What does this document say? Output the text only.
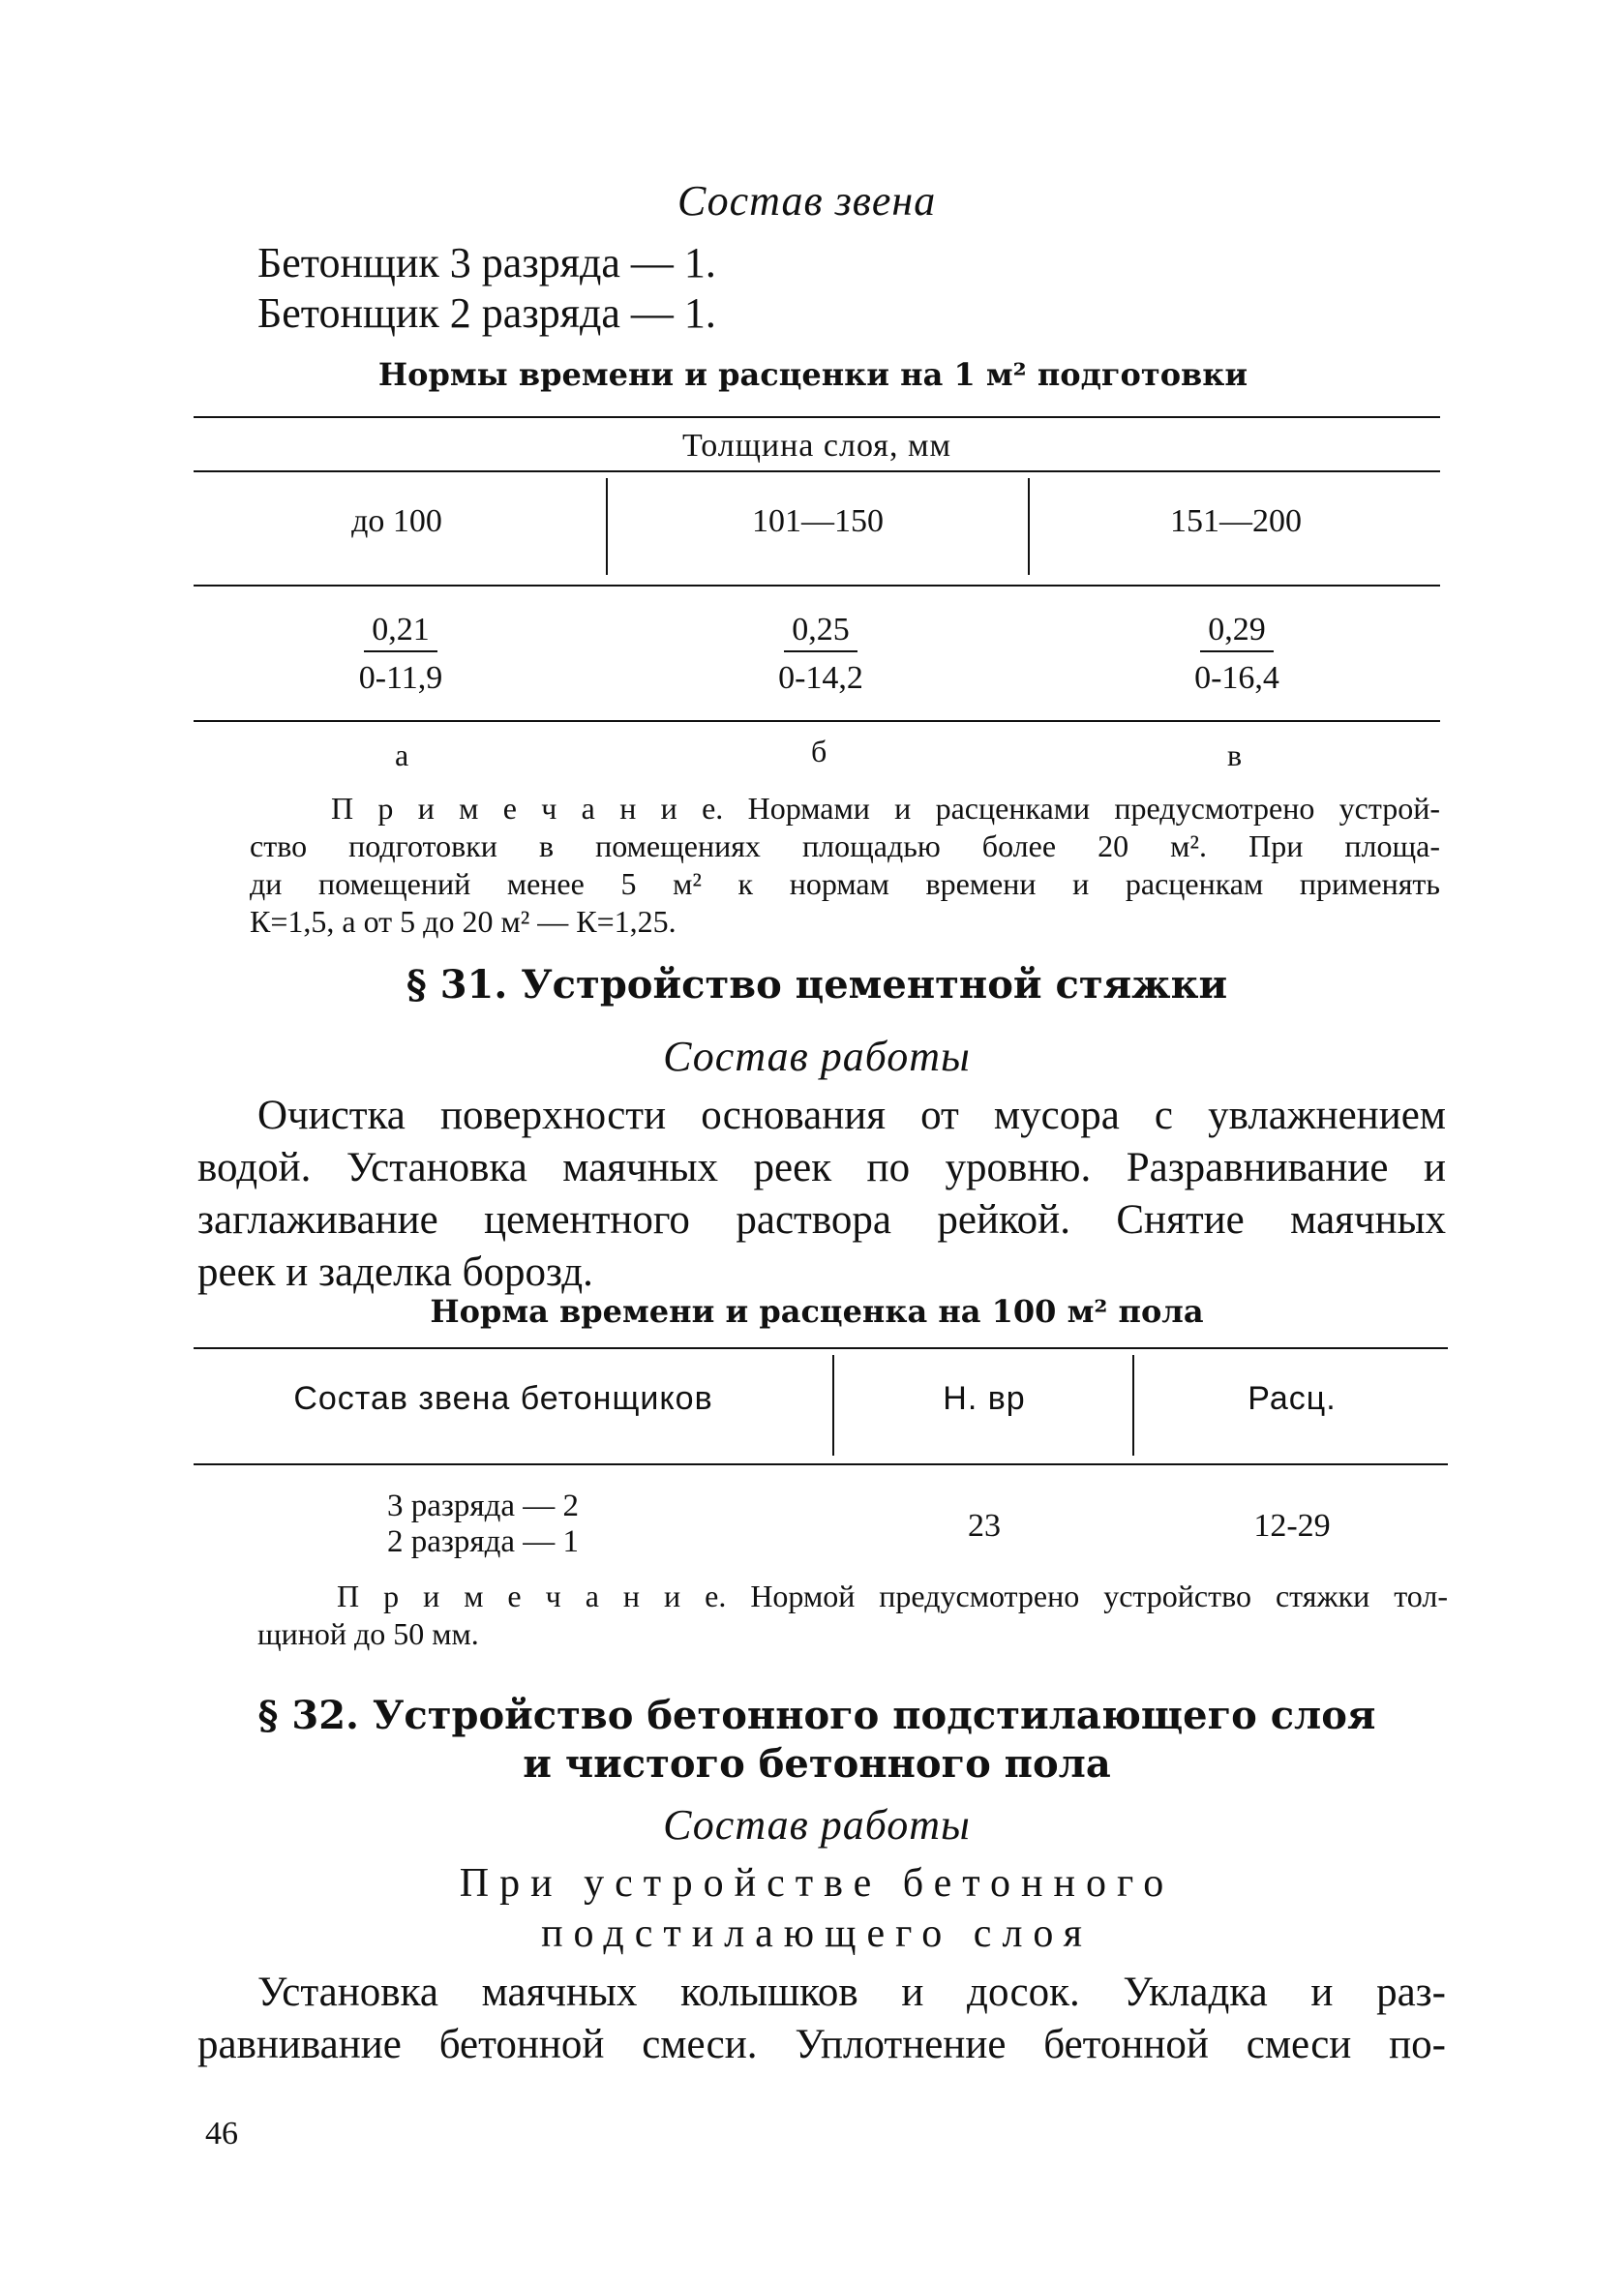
Состав звена
Бетонщик 3 разряда — 1.
Бетонщик 2 разряда — 1.
Нормы времени и расценки на 1 м² подготовки
Толщина слоя, мм
до 100	101—150	151—200
$\frac{0,21}{0-11,9}$	$\frac{0,25}{0-14,2}$	$\frac{0,29}{0-16,4}$
а	б	в
П р и м е ч а н и е. Нормами и расценками предусмотрено устрой-
ство подготовки в помещениях площадью более 20 м². При площа-
ди помещений менее 5 м² к нормам времени и расценкам применять
К=1,5, а от 5 до 20 м² — К=1,25.
§ 31. Устройство цементной стяжки
Состав работы
Очистка поверхности основания от мусора с увлажнением
водой. Установка маячных реек по уровню. Разравнивание и
заглаживание цементного раствора рейкой. Снятие маячных
реек и заделка борозд.
Норма времени и расценка на 100 м² пола
Состав звена бетонщиков	Н. вр	Расц.
3 разряда — 2
2 разряда — 1	23	12-29
П р и м е ч а н и е. Нормой предусмотрено устройство стяжки тол-
щиной до 50 мм.
§ 32. Устройство бетонного подстилающего слоя
и чистого бетонного пола
Состав работы
При устройстве бетонного
подстилающего слоя
Установка маячных колышков и досок. Укладка и раз-
равнивание бетонной смеси. Уплотнение бетонной смеси по-
46
